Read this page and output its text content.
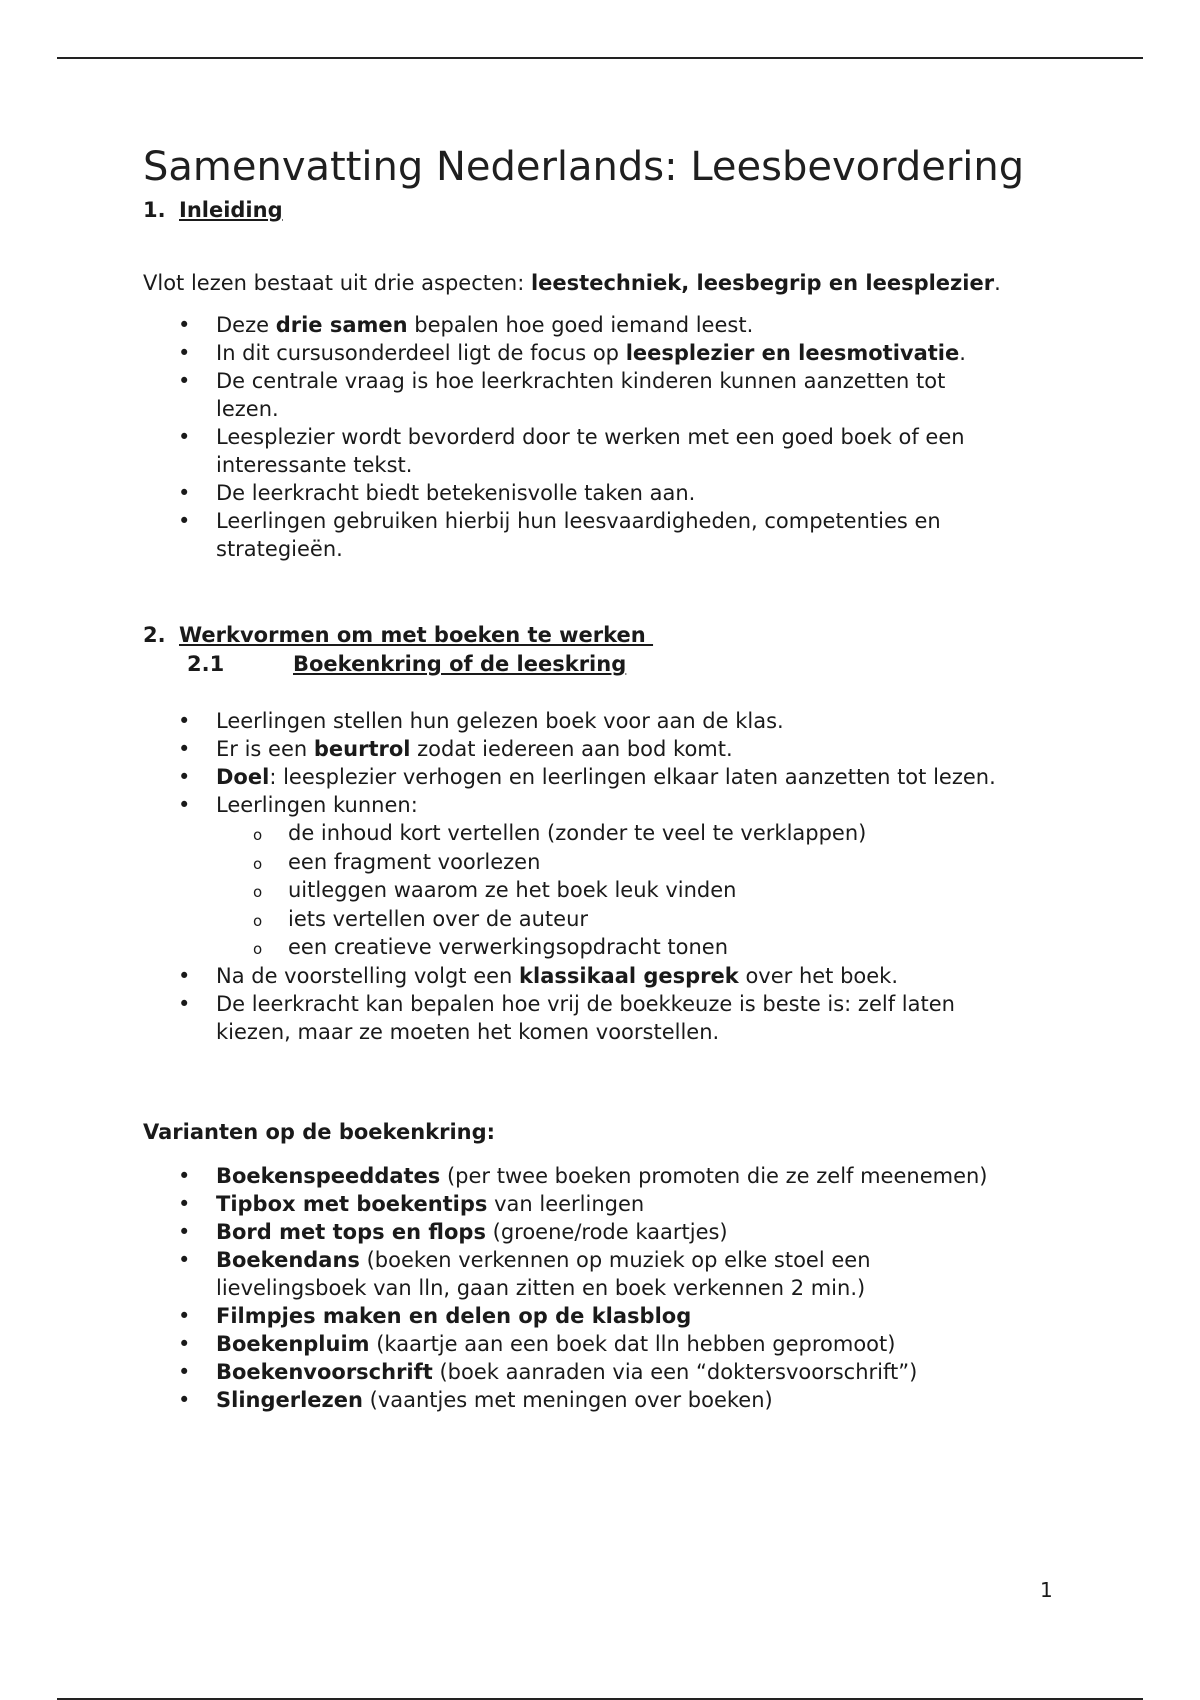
Samenvatting Nederlands: Leesbevordering
1. Inleiding

Vlot lezen bestaat uit drie aspecten: leestechniek, leesbegrip en leesplezier.

• Deze drie samen bepalen hoe goed iemand leest.
• In dit cursusonderdeel ligt de focus op leesplezier en leesmotivatie.
• De centrale vraag is hoe leerkrachten kinderen kunnen aanzetten tot lezen.
• Leesplezier wordt bevorderd door te werken met een goed boek of een interessante tekst.
• De leerkracht biedt betekenisvolle taken aan.
• Leerlingen gebruiken hierbij hun leesvaardigheden, competenties en strategieën.
2. Werkvormen om met boeken te werken
2.1	Boekenkring of de leeskring
• Leerlingen stellen hun gelezen boek voor aan de klas.
• Er is een beurtrol zodat iedereen aan bod komt.
• Doel: leesplezier verhogen en leerlingen elkaar laten aanzetten tot lezen.
• Leerlingen kunnen:
o de inhoud kort vertellen (zonder te veel te verklappen)
o een fragment voorlezen
o uitleggen waarom ze het boek leuk vinden
o iets vertellen over de auteur
o een creatieve verwerkingsopdracht tonen
• Na de voorstelling volgt een klassikaal gesprek over het boek.
• De leerkracht kan bepalen hoe vrij de boekkeuze is beste is: zelf laten kiezen, maar ze moeten het komen voorstellen.
Varianten op de boekenkring:
• Boekenspeeddates (per twee boeken promoten die ze zelf meenemen)
• Tipbox met boekentips van leerlingen
• Bord met tops en flops (groene/rode kaartjes)
• Boekendans (boeken verkennen op muziek op elke stoel een lievelingsboek van lln, gaan zitten en boek verkennen 2 min.)
• Filmpjes maken en delen op de klasblog
• Boekenpluim (kaartje aan een boek dat lln hebben gepromoot)
• Boekenvoorschrift (boek aanraden via een “doktersvoorschrift”)
• Slingerlezen (vaantjes met meningen over boeken)
1
